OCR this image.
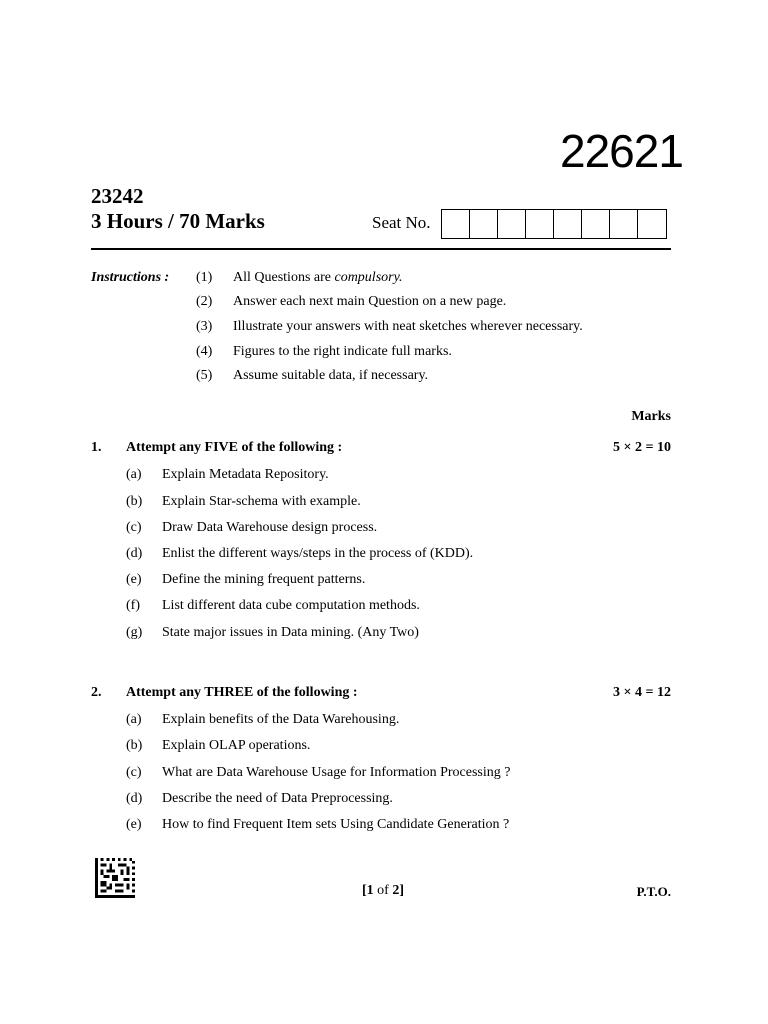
22621
23242
3 Hours / 70 Marks	Seat No.
Instructions : (1) All Questions are compulsory.
(2) Answer each next main Question on a new page.
(3) Illustrate your answers with neat sketches wherever necessary.
(4) Figures to the right indicate full marks.
(5) Assume suitable data, if necessary.
Marks
1. Attempt any FIVE of the following :	5 × 2 = 10
(a) Explain Metadata Repository.
(b) Explain Star-schema with example.
(c) Draw Data Warehouse design process.
(d) Enlist the different ways/steps in the process of (KDD).
(e) Define the mining frequent patterns.
(f) List different data cube computation methods.
(g) State major issues in Data mining. (Any Two)
2. Attempt any THREE of the following :	3 × 4 = 12
(a) Explain benefits of the Data Warehousing.
(b) Explain OLAP operations.
(c) What are Data Warehouse Usage for Information Processing ?
(d) Describe the need of Data Preprocessing.
(e) How to find Frequent Item sets Using Candidate Generation ?
[1 of 2]	P.T.O.
